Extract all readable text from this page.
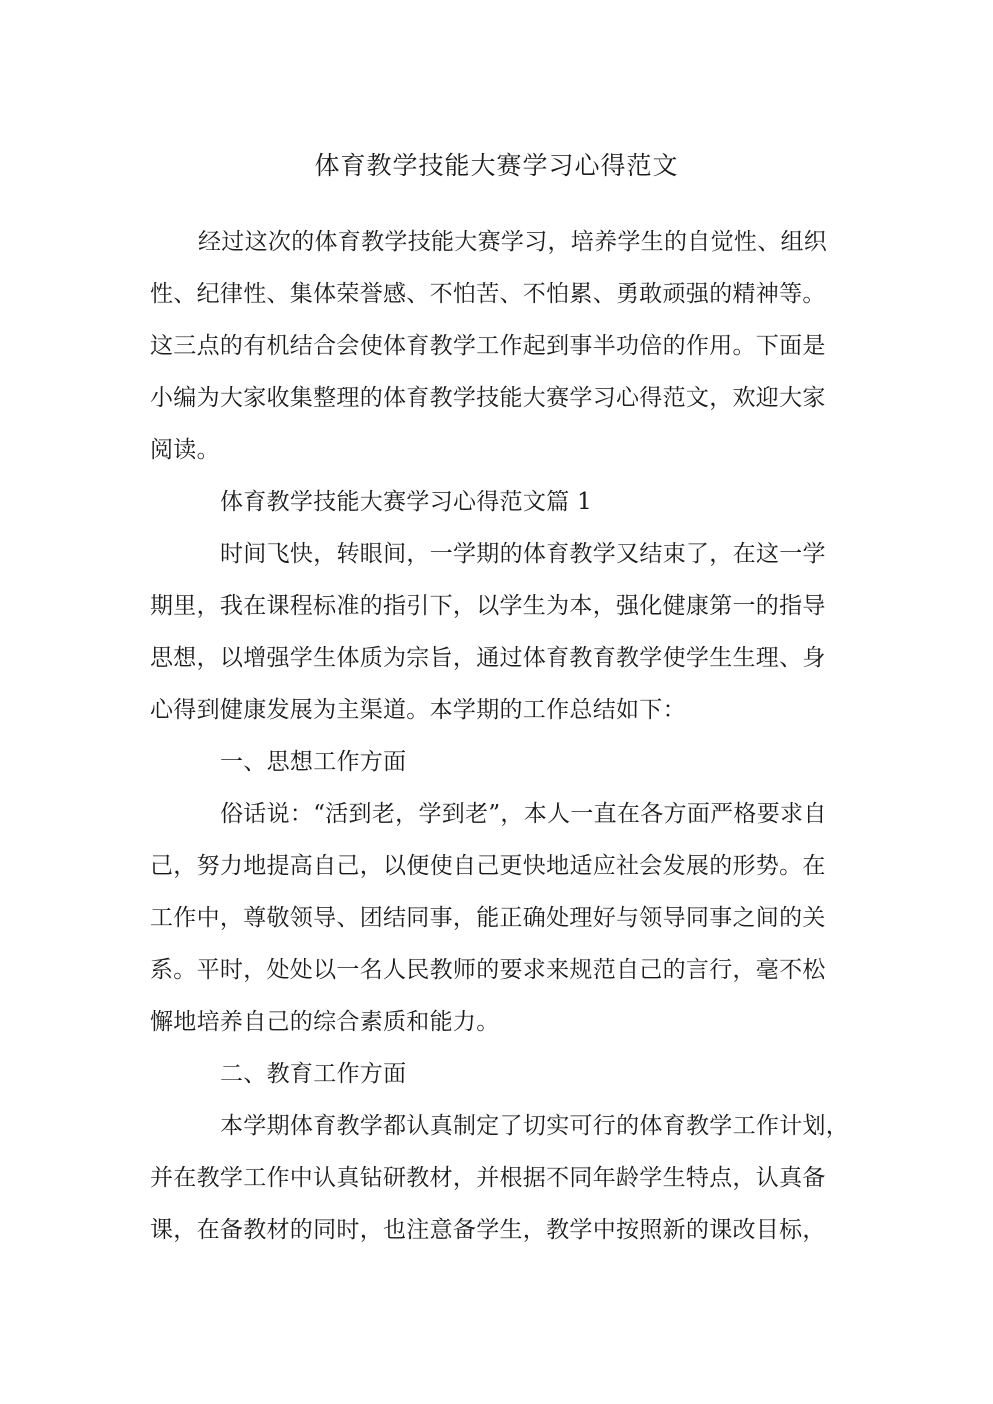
体育教学技能大赛学习心得范文
经过这次的体育教学技能大赛学习，培养学生的自觉性、组织
性、纪律性、集体荣誉感、不怕苦、不怕累、勇敢顽强的精神等。
这三点的有机结合会使体育教学工作起到事半功倍的作用。下面是
小编为大家收集整理的体育教学技能大赛学习心得范文，欢迎大家
阅读。
体育教学技能大赛学习心得范文篇 1
时间飞快，转眼间，一学期的体育教学又结束了，在这一学
期里，我在课程标准的指引下，以学生为本，强化健康第一的指导
思想，以增强学生体质为宗旨，通过体育教育教学使学生生理、身
心得到健康发展为主渠道。本学期的工作总结如下：
一、思想工作方面
俗话说：“活到老，学到老”，本人一直在各方面严格要求自
己，努力地提高自己，以便使自己更快地适应社会发展的形势。在
工作中，尊敬领导、团结同事，能正确处理好与领导同事之间的关
系。平时，处处以一名人民教师的要求来规范自己的言行，毫不松
懈地培养自己的综合素质和能力。
二、教育工作方面
本学期体育教学都认真制定了切实可行的体育教学工作计划，
并在教学工作中认真钻研教材，并根据不同年龄学生特点，认真备
课，在备教材的同时，也注意备学生，教学中按照新的课改目标，
